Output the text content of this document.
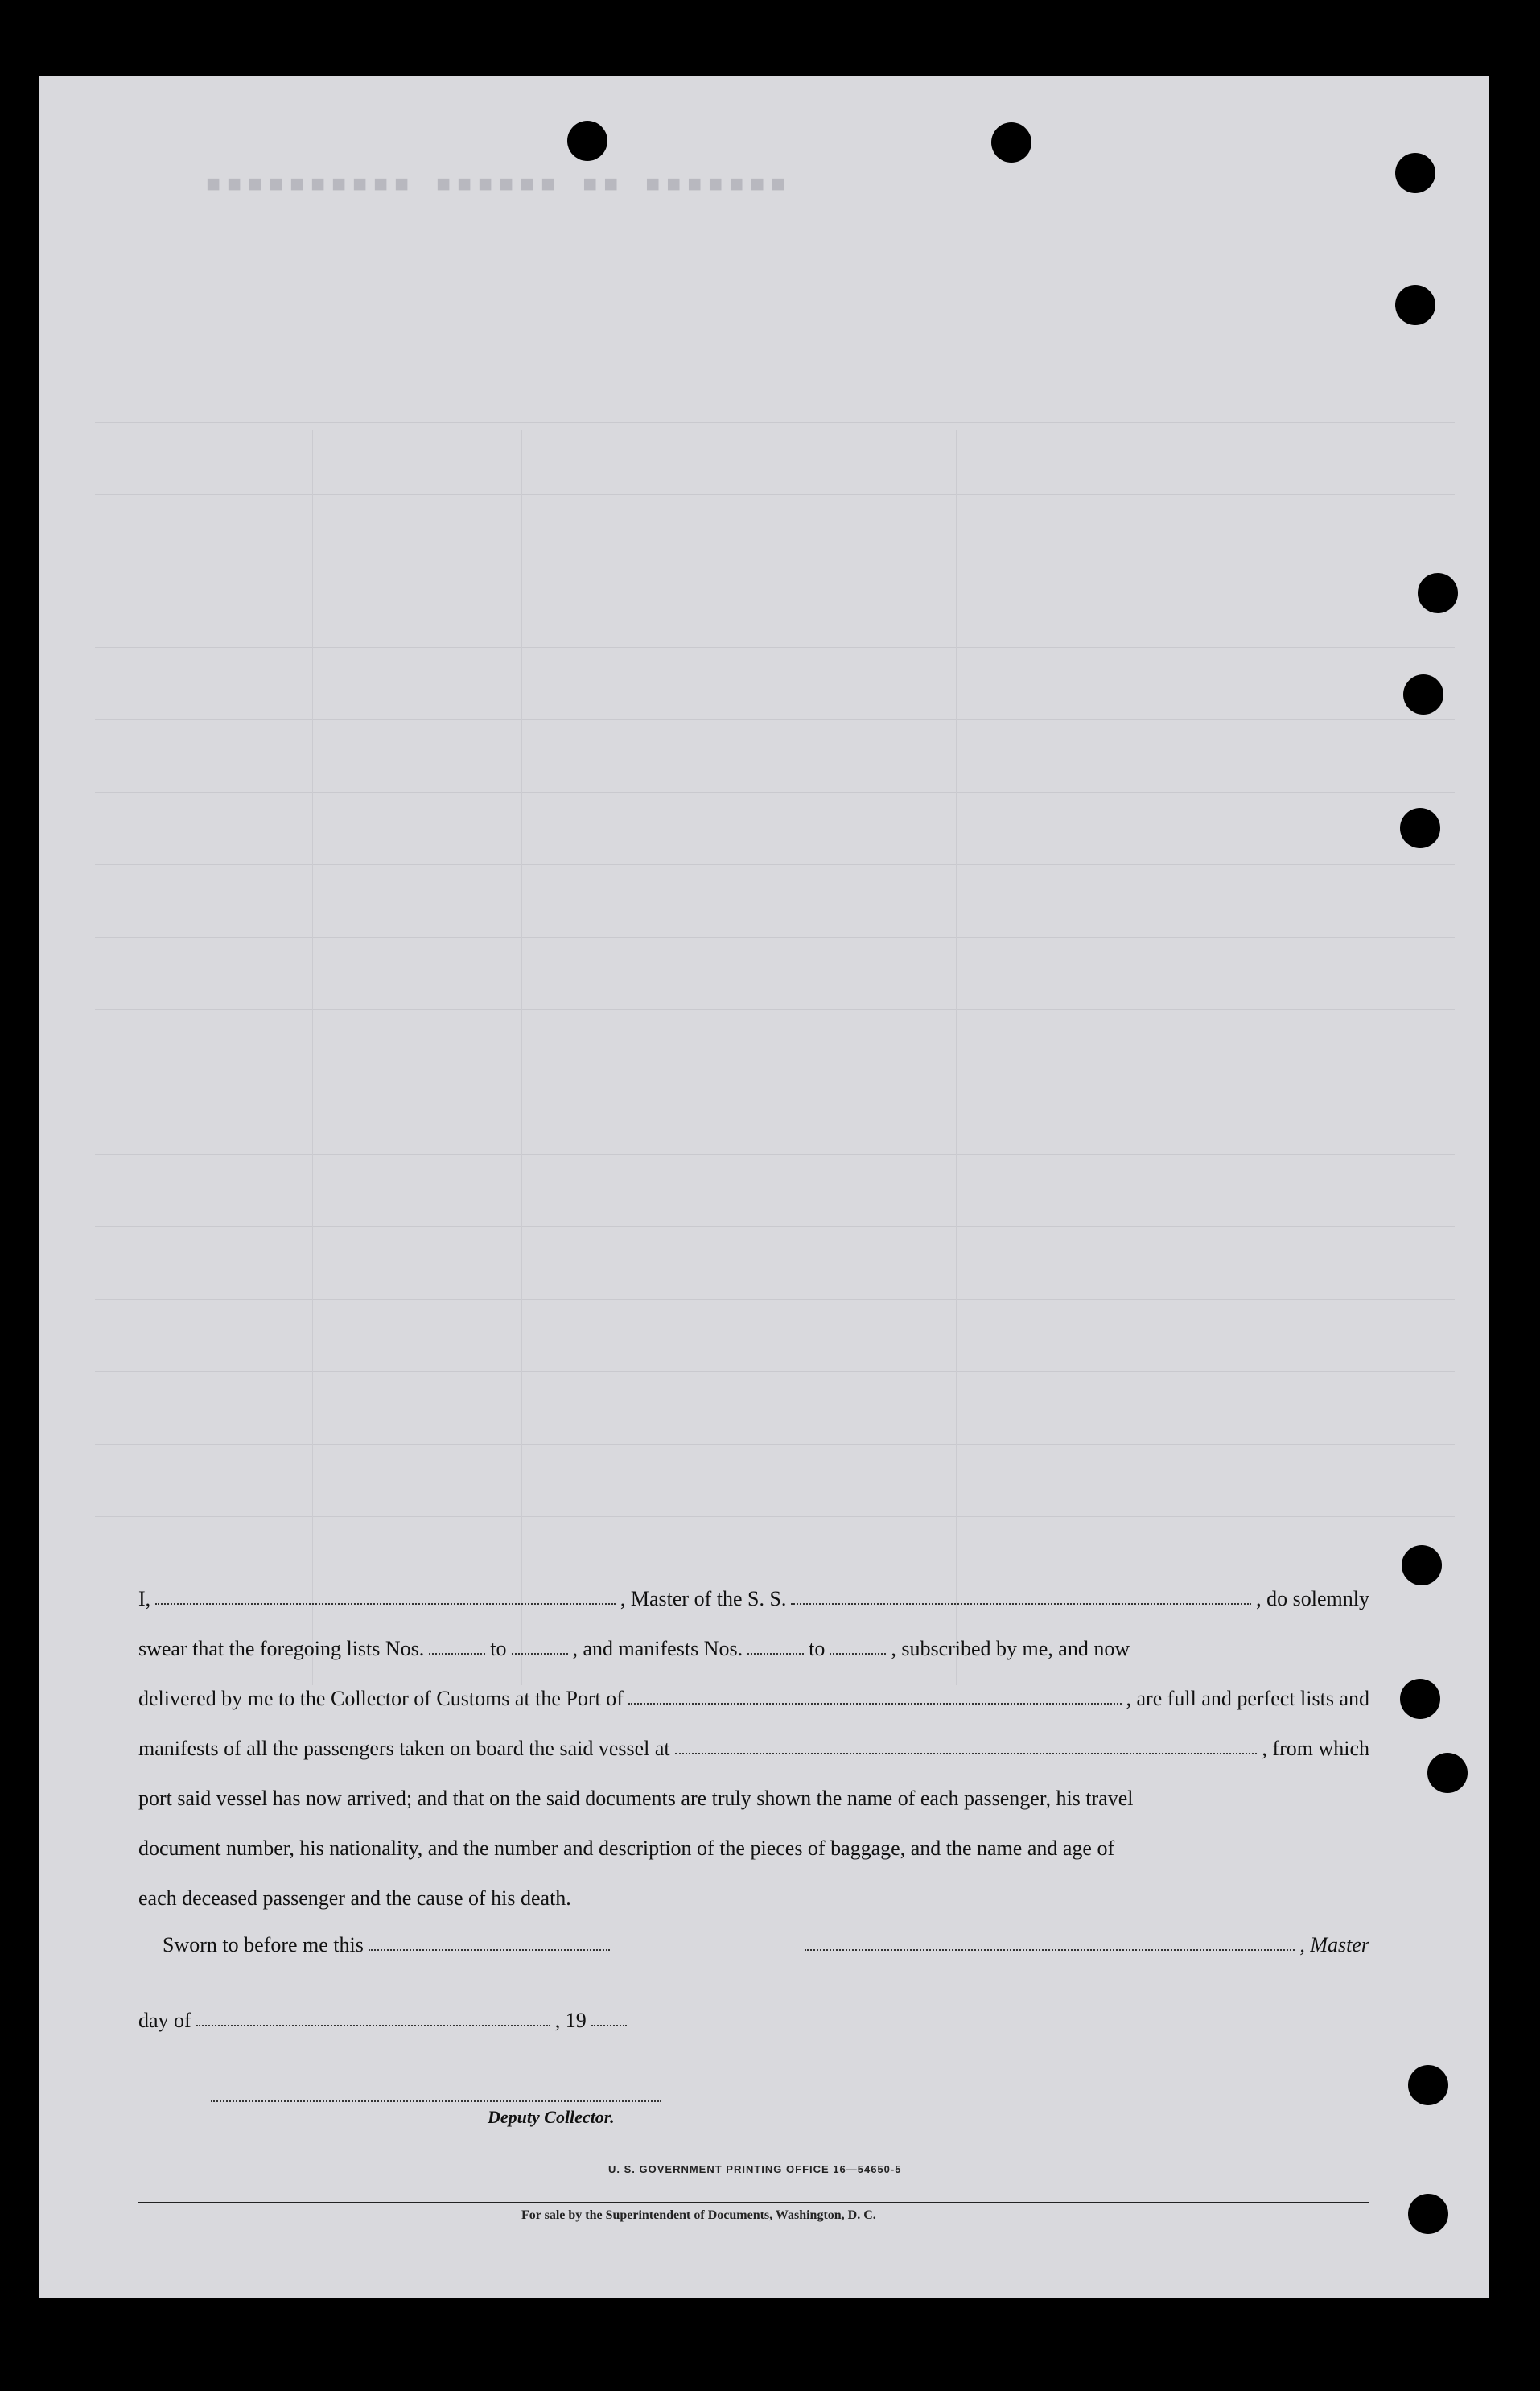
■■■■■■■ ■■ ■■■■■■ ■■■■■■■■■■
I,	, Master of the S. S.	, do solemnly
swear that the foregoing lists Nos.	to	, and manifests Nos.	to	, subscribed by me, and now
delivered by me to the Collector of Customs at the Port of	, are full and perfect lists and
manifests of all the passengers taken on board the said vessel at	, from which
port said vessel has now arrived; and that on the said documents are truly shown the name of each passenger, his travel
document number, his nationality, and the number and description of the pieces of baggage, and the name and age of
each deceased passenger and the cause of his death.
Sworn to before me this	, Master
day of	, 19
Deputy Collector.
U. S. GOVERNMENT PRINTING OFFICE 16—54650-5
For sale by the Superintendent of Documents, Washington, D. C.
